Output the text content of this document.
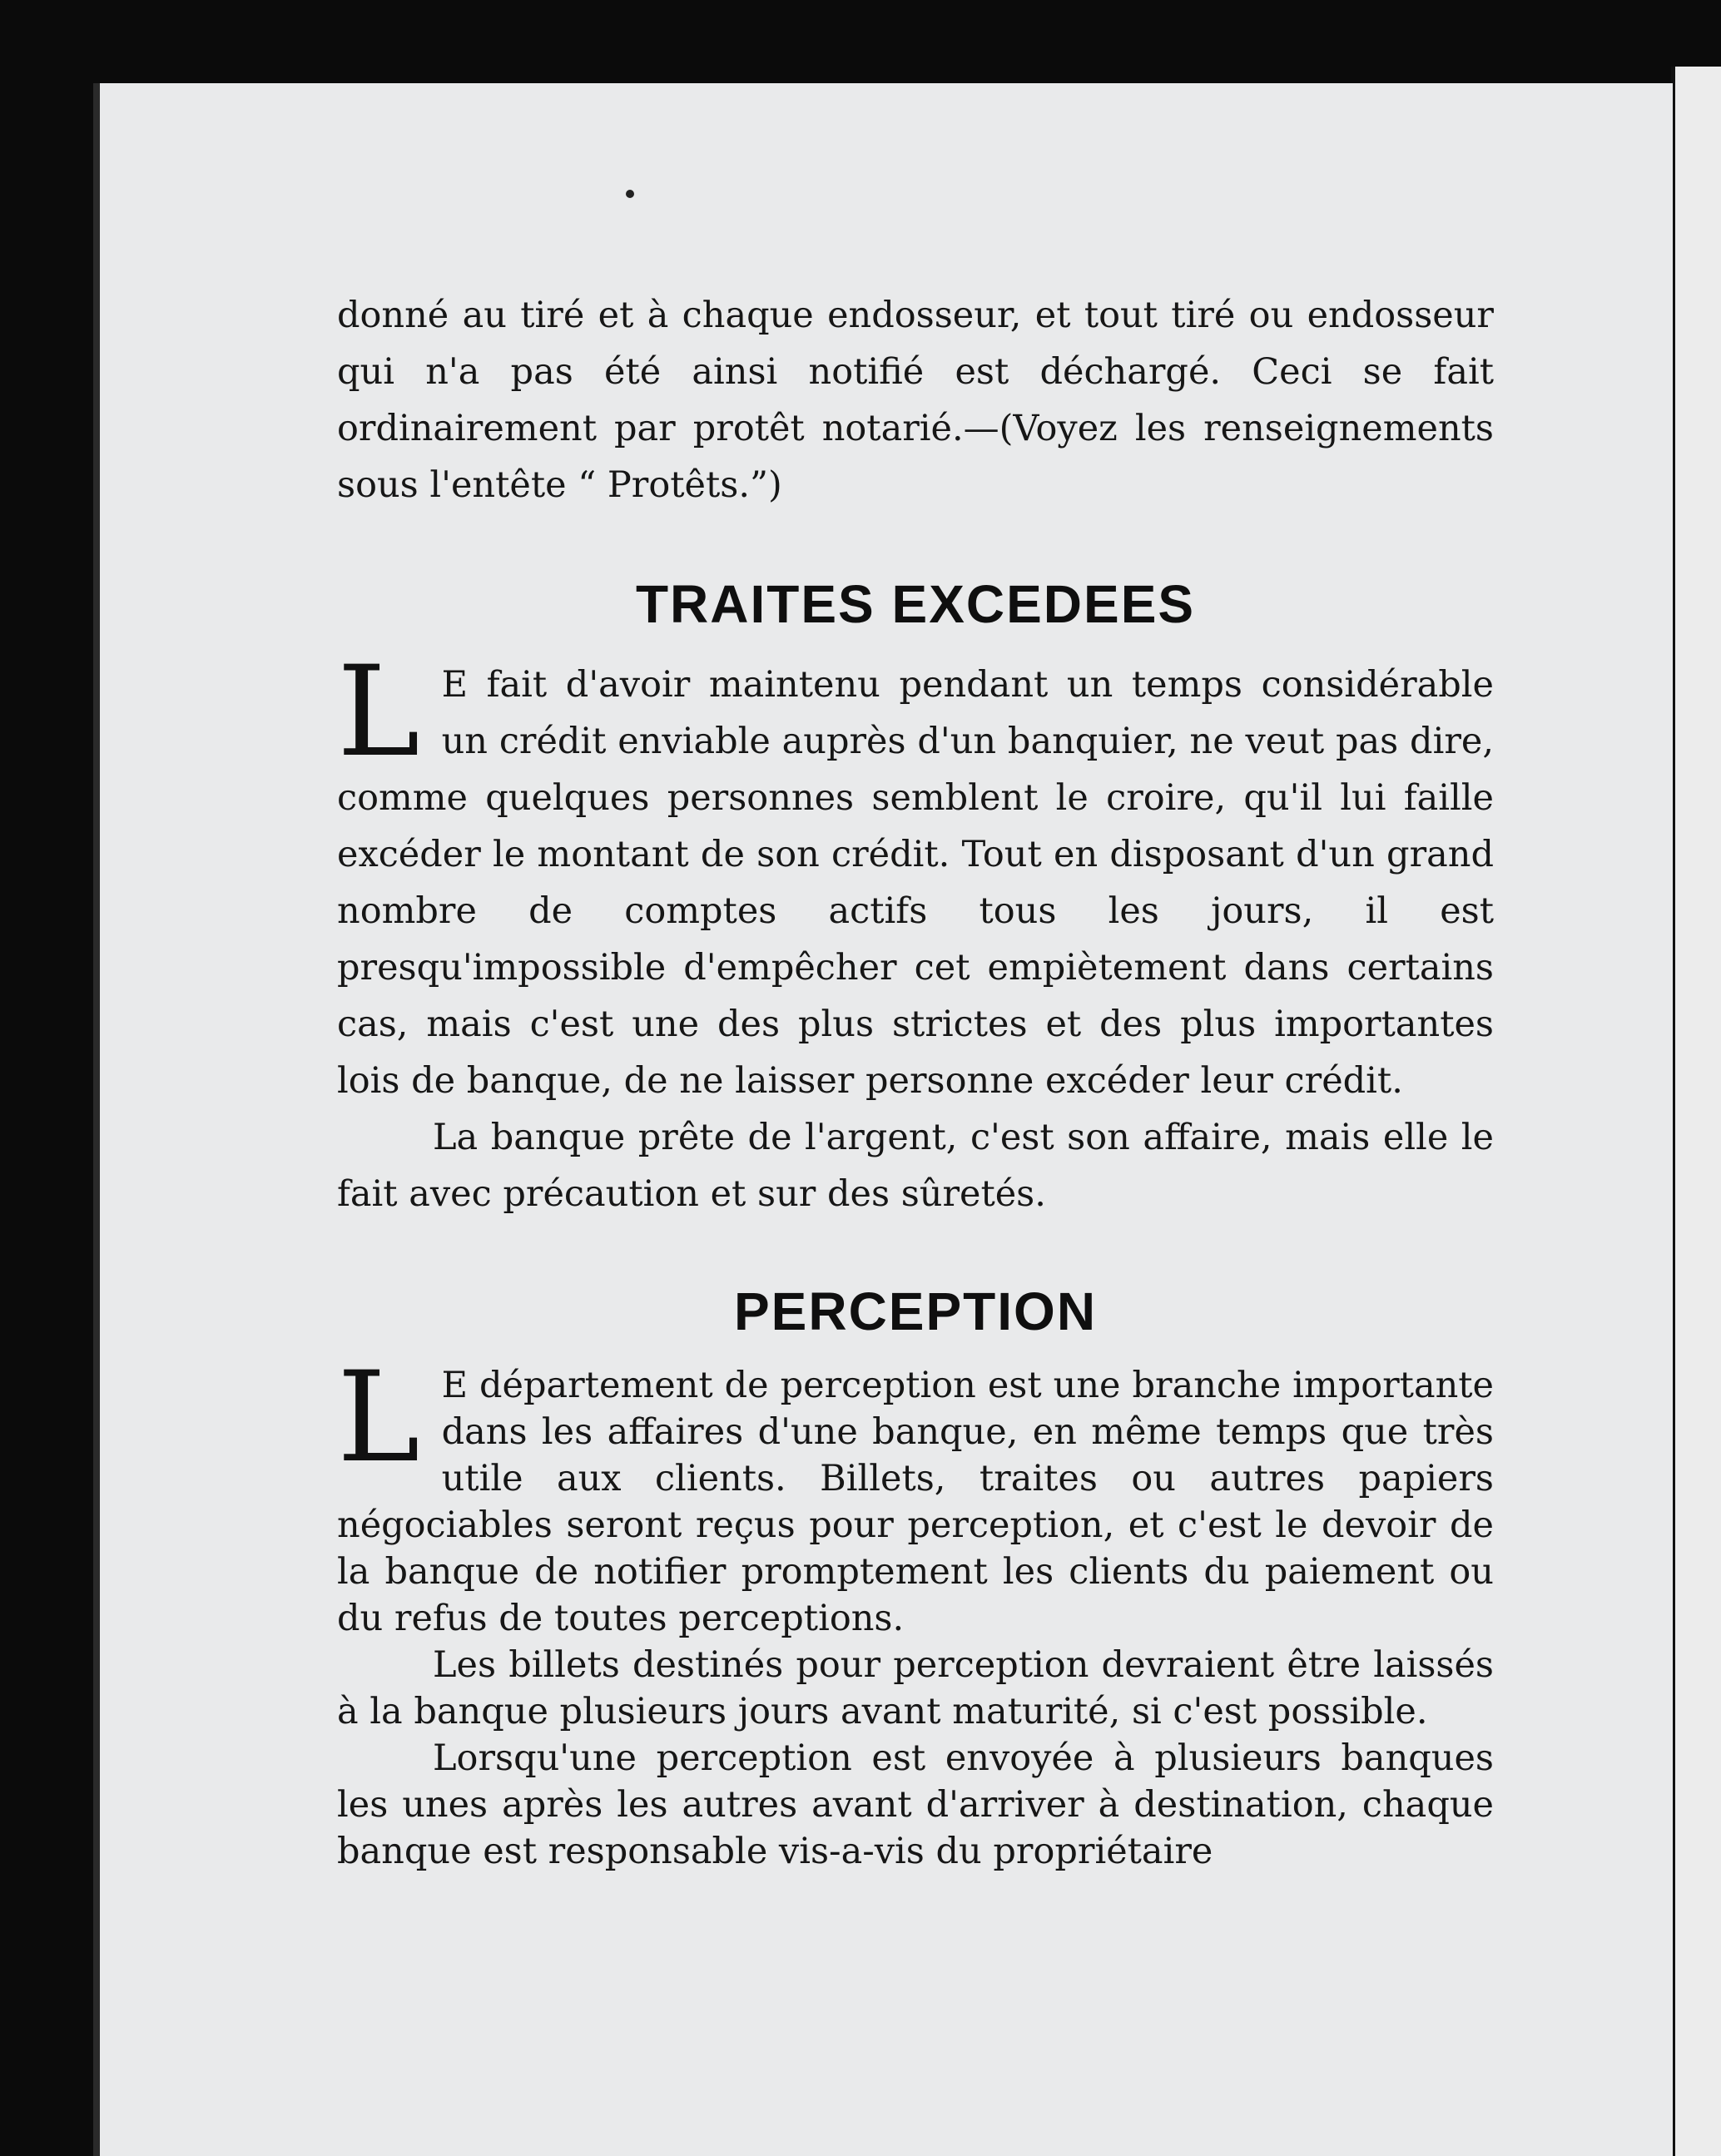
donné au tiré et à chaque endosseur, et tout tiré ou endosseur qui n'a pas été ainsi notifié est déchargé. Ceci se fait ordinairement par protêt notarié.—(Voyez les renseignements sous l'entête “ Protêts.”)

TRAITES EXCEDEES

L E fait d'avoir maintenu pendant un temps considérable un crédit enviable auprès d'un banquier, ne veut pas dire, comme quelques personnes semblent le croire, qu'il lui faille excéder le montant de son crédit. Tout en disposant d'un grand nombre de comptes actifs tous les jours, il est presqu'impossible d'empêcher cet empiètement dans certains cas, mais c'est une des plus strictes et des plus importantes lois de banque, de ne laisser personne excéder leur crédit.

La banque prête de l'argent, c'est son affaire, mais elle le fait avec précaution et sur des sûretés.

PERCEPTION

L E département de perception est une branche importante dans les affaires d'une banque, en même temps que très utile aux clients. Billets, traites ou autres papiers négociables seront reçus pour perception, et c'est le devoir de la banque de notifier promptement les clients du paiement ou du refus de toutes perceptions.

Les billets destinés pour perception devraient être laissés à la banque plusieurs jours avant maturité, si c'est possible.

Lorsqu'une perception est envoyée à plusieurs banques les unes après les autres avant d'arriver à destination, chaque banque est responsable vis-a-vis du propriétaire
